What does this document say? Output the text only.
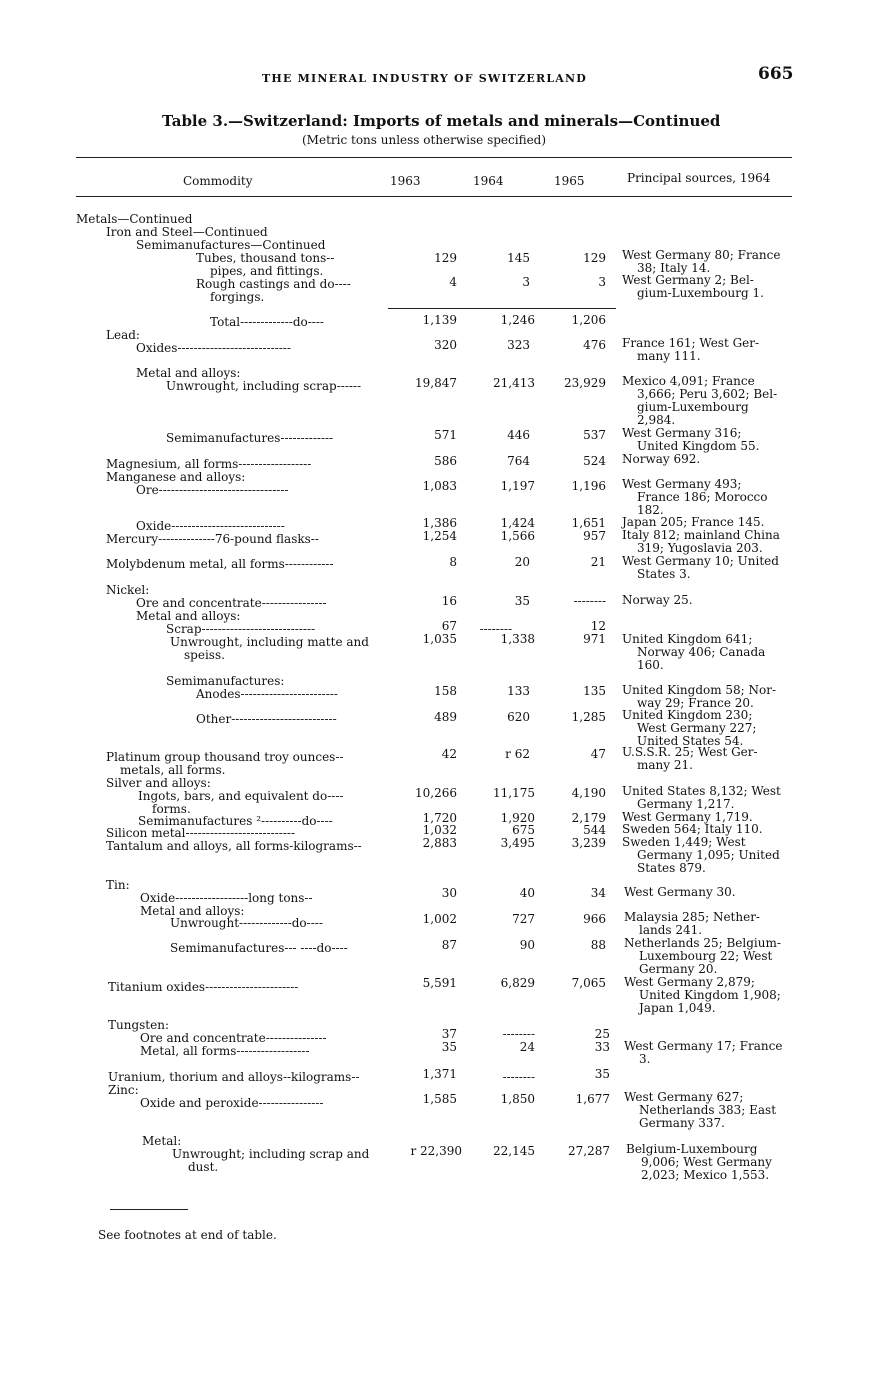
THE MINERAL INDUSTRY OF SWITZERLAND	665
Table 3.—Switzerland: Imports of metals and minerals—Continued
(Metric tons unless otherwise specified)
Commodity	1963	1964	1965	Principal sources, 1964
Metals—Continued
Iron and Steel—Continued
Semimanufactures—Continued
Tubes, thousand tons--
pipes, and fittings.
129	145	129 West Germany 80; France
38; Italy 14.
Rough castings and do----
forgings.
4	3	3 West Germany 2; Bel-
gium-Luxembourg 1.
Total-------------do----	1,139	1,246	1,206
Lead:
Oxides----------------------------	320	323	476 France 161; West Ger-
many 111.
Metal and alloys:
Unwrought, including scrap------	19,847	21,413	23,929 Mexico 4,091; France
3,666; Peru 3,602; Bel-
gium-Luxembourg
2,984.
Semimanufactures-------------	571	446	537 West Germany 316;
United Kingdom 55.
Magnesium, all forms------------------	586	764	524 Norway 692.
Manganese and alloys:
Ore--------------------------------	1,083	1,197	1,196 West Germany 493;
France 186; Morocco
182.
Oxide----------------------------	1,386	1,424	1,651 Japan 205; France 145.
Mercury--------------76-pound flasks--	1,254	1,566	957 Italy 812; mainland China
319; Yugoslavia 203.
Molybdenum metal, all forms------------	8	20	21 West Germany 10; United
States 3.
Nickel:
Ore and concentrate----------------	16	35	-------- Norway 25.
Metal and alloys:
Scrap----------------------------	67	--------	12
Unwrought, including matte and
speiss.
1,035	1,338	971 United Kingdom 641;
Norway 406; Canada
160.
Semimanufactures:
Anodes------------------------	158	133	135 United Kingdom 58; Nor-
way 29; France 20.
Other--------------------------	489	620	1,285 United Kingdom 230;
West Germany 227;
United States 54.
Platinum group thousand troy ounces--
metals, all forms.
42	r 62	47 U.S.S.R. 25; West Ger-
many 21.
Silver and alloys:
Ingots, bars, and equivalent do----
forms.
10,266	11,175	4,190 United States 8,132; West
Germany 1,217.
Semimanufactures ²----------do----	1,720	1,920	2,179 West Germany 1,719.
Silicon metal---------------------------	1,032	675	544 Sweden 564; Italy 110.
Tantalum and alloys, all forms-kilograms--	2,883	3,495	3,239 Sweden 1,449; West
Germany 1,095; United
States 879.
Tin:
Oxide------------------long tons--	30	40	34 West Germany 30.
Metal and alloys:
Unwrought-------------do----	1,002	727	966 Malaysia 285; Nether-
lands 241.
Semimanufactures--- ----do----	87	90	88 Netherlands 25; Belgium-
Luxembourg 22; West
Germany 20.
Titanium oxides-----------------------	5,591	6,829	7,065 West Germany 2,879;
United Kingdom 1,908;
Japan 1,049.
Tungsten:
Ore and concentrate---------------	37	--------	25
Metal, all forms------------------	35	24	33 West Germany 17; France
3.
Uranium, thorium and alloys--kilograms--	1,371	--------	35
Zinc:
Oxide and peroxide----------------	1,585	1,850	1,677 West Germany 627;
Netherlands 383; East
Germany 337.
Metal:
Unwrought; including scrap and
dust.
r 22,390	22,145	27,287 Belgium-Luxembourg
9,006; West Germany
2,023; Mexico 1,553.
See footnotes at end of table.
